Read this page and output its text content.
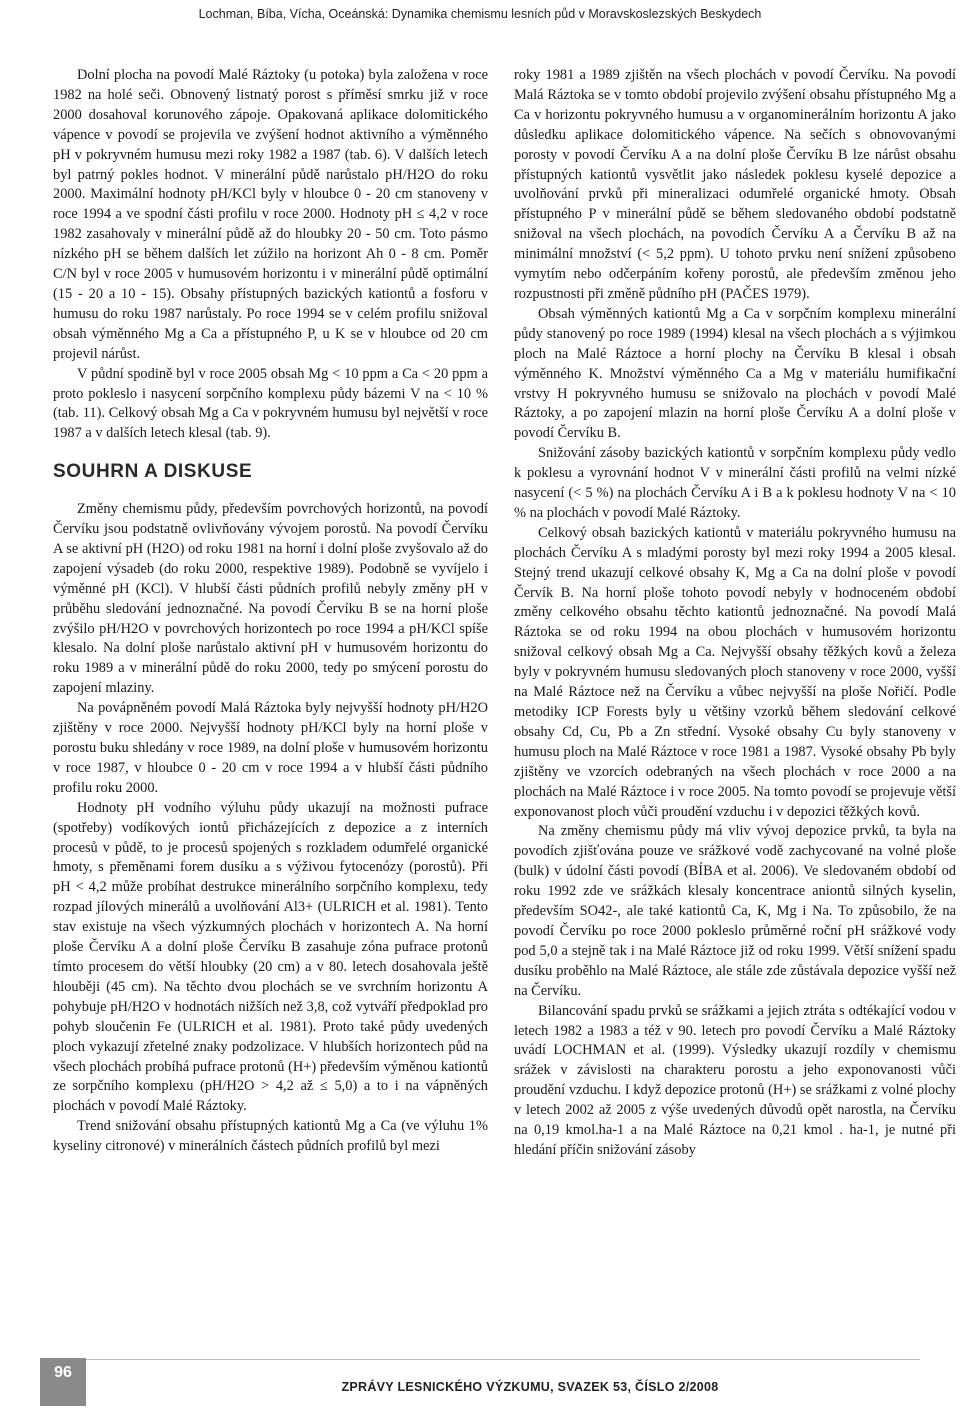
Lochman, Bíba, Vícha, Oceánská: Dynamika chemismu lesních půd v Moravskoslezských Beskydech

Dolní plocha na povodí Malé Ráztoky (u potoka) byla založena v roce 1982 na holé seči. Obnovený listnatý porost s příměsí smrku již v roce 2000 dosahoval korunového zápoje. Opakovaná aplikace dolomitického vápence v povodí se projevila ve zvýšení hodnot aktivního a výměnného pH v pokryvném humusu mezi roky 1982 a 1987 (tab. 6). V dalších letech byl patrný pokles hodnot. V minerální půdě narůstalo pH/H2O do roku 2000. Maximální hodnoty pH/KCl byly v hloubce 0 - 20 cm stanoveny v roce 1994 a ve spodní části profilu v roce 2000. Hodnoty pH ≤ 4,2 v roce 1982 zasahovaly v minerální půdě až do hloubky 20 - 50 cm. Toto pásmo nízkého pH se během dalších let zúžilo na horizont Ah 0 - 8 cm. Poměr C/N byl v roce 2005 v humusovém horizontu i v minerální půdě optimální (15 - 20 a 10 - 15). Obsahy přístupných bazických kationtů a fosforu v humusu do roku 1987 narůstaly. Po roce 1994 se v celém profilu snižoval obsah výměnného Mg a Ca a přístupného P, u K se v hloubce od 20 cm projevil nárůst.

V půdní spodině byl v roce 2005 obsah Mg < 10 ppm a Ca < 20 ppm a proto pokleslo i nasycení sorpčního komplexu půdy bázemi V na < 10 % (tab. 11). Celkový obsah Mg a Ca v pokryvném humusu byl největší v roce 1987 a v dalších letech klesal (tab. 9).

SOUHRN A DISKUSE

Změny chemismu půdy, především povrchových horizontů, na povodí Červíku jsou podstatně ovlivňovány vývojem porostů. Na povodí Červíku A se aktivní pH (H2O) od roku 1981 na horní i dolní ploše zvyšovalo až do zapojení výsadeb (do roku 2000, respektive 1989). Podobně se vyvíjelo i výměnné pH (KCl). V hlubší části půdních profilů nebyly změny pH v průběhu sledování jednoznačné. Na povodí Červíku B se na horní ploše zvýšilo pH/H2O v povrchových horizontech po roce 1994 a pH/KCl spíše klesalo. Na dolní ploše narůstalo aktivní pH v humusovém horizontu do roku 1989 a v minerální půdě do roku 2000, tedy po smýcení porostu do zapojení mlaziny.

Na povápněném povodí Malá Ráztoka byly nejvyšší hodnoty pH/H2O zjištěny v roce 2000. Nejvyšší hodnoty pH/KCl byly na horní ploše v porostu buku shledány v roce 1989, na dolní ploše v humusovém horizontu v roce 1987, v hloubce 0 - 20 cm v roce 1994 a v hlubší části půdního profilu roku 2000.

Hodnoty pH vodního výluhu půdy ukazují na možnosti pufrace (spotřeby) vodíkových iontů přicházejících z depozice a z interních procesů v půdě, to je procesů spojených s rozkladem odumřelé organické hmoty, s přeměnami forem dusíku a s výživou fytocenózy (porostů). Při pH < 4,2 může probíhat destrukce minerálního sorpčního komplexu, tedy rozpad jílových minerálů a uvolňování Al3+ (ULRICH et al. 1981). Tento stav existuje na všech výzkumných plochách v horizontech A. Na horní ploše Červíku A a dolní ploše Červíku B zasahuje zóna pufrace protonů tímto procesem do větší hloubky (20 cm) a v 80. letech dosahovala ještě hlouběji (45 cm). Na těchto dvou plochách se ve svrchním horizontu A pohybuje pH/H2O v hodnotách nižších než 3,8, což vytváří předpoklad pro pohyb sloučenin Fe (ULRICH et al. 1981). Proto také půdy uvedených ploch vykazují zřetelné znaky podzolizace. V hlubších horizontech půd na všech plochách probíhá pufrace protonů (H+) především výměnou kationtů ze sorpčního komplexu (pH/H2O > 4,2 až ≤ 5,0) a to i na vápněných plochách v povodí Malé Ráztoky.

Trend snižování obsahu přístupných kationtů Mg a Ca (ve výluhu 1% kyseliny citronové) v minerálních částech půdních profilů byl mezi

roky 1981 a 1989 zjištěn na všech plochách v povodí Červíku. Na povodí Malá Ráztoka se v tomto období projevilo zvýšení obsahu přístupného Mg a Ca v horizontu pokryvného humusu a v organominerálním horizontu A jako důsledku aplikace dolomitického vápence. Na sečích s obnovovanými porosty v povodí Červíku A a na dolní ploše Červíku B lze nárůst obsahu přístupných kationtů vysvětlit jako následek poklesu kyselé depozice a uvolňování prvků při mineralizaci odumřelé organické hmoty. Obsah přístupného P v minerální půdě se během sledovaného období podstatně snižoval na všech plochách, na povodích Červíku A a Červíku B až na minimální množství (< 5,2 ppm). U tohoto prvku není snížení způsobeno vymytím nebo odčerpáním kořeny porostů, ale především změnou jeho rozpustnosti při změně půdního pH (PAČES 1979).

Obsah výměnných kationtů Mg a Ca v sorpčním komplexu minerální půdy stanovený po roce 1989 (1994) klesal na všech plochách a s výjimkou ploch na Malé Ráztoce a horní plochy na Červíku B klesal i obsah výměnného K. Množství výměnného Ca a Mg v materiálu humifikační vrstvy H pokryvného humusu se snižovalo na plochách v povodí Malé Ráztoky, a po zapojení mlazin na horní ploše Červíku A a dolní ploše v povodí Červíku B.

Snižování zásoby bazických kationtů v sorpčním komplexu půdy vedlo k poklesu a vyrovnání hodnot V v minerální části profilů na velmi nízké nasycení (< 5 %) na plochách Červíku A i B a k poklesu hodnoty V na < 10 % na plochách v povodí Malé Ráztoky.

Celkový obsah bazických kationtů v materiálu pokryvného humusu na plochách Červíku A s mladými porosty byl mezi roky 1994 a 2005 klesal. Stejný trend ukazují celkové obsahy K, Mg a Ca na dolní ploše v povodí Červík B. Na horní ploše tohoto povodí nebyly v hodnoceném období změny celkového obsahu těchto kationtů jednoznačné. Na povodí Malá Ráztoka se od roku 1994 na obou plochách v humusovém horizontu snižoval celkový obsah Mg a Ca. Nejvyšší obsahy těžkých kovů a železa byly v pokryvném humusu sledovaných ploch stanoveny v roce 2000, vyšší na Malé Ráztoce než na Červíku a vůbec nejvyšší na ploše Nořičí. Podle metodiky ICP Forests byly u většiny vzorků během sledování celkové obsahy Cd, Cu, Pb a Zn střední. Vysoké obsahy Cu byly stanoveny v humusu ploch na Malé Ráztoce v roce 1981 a 1987. Vysoké obsahy Pb byly zjištěny ve vzorcích odebraných na všech plochách v roce 2000 a na plochách na Malé Ráztoce i v roce 2005. Na tomto povodí se projevuje větší exponovanost ploch vůči proudění vzduchu i v depozici těžkých kovů.

Na změny chemismu půdy má vliv vývoj depozice prvků, ta byla na povodích zjišťována pouze ve srážkové vodě zachycované na volné ploše (bulk) v údolní části povodí (BÍBA et al. 2006). Ve sledovaném období od roku 1992 zde ve srážkách klesaly koncentrace aniontů silných kyselin, především SO42-, ale také kationtů Ca, K, Mg i Na. To způsobilo, že na povodí Červíku po roce 2000 pokleslo průměrné roční pH srážkové vody pod 5,0 a stejně tak i na Malé Ráztoce již od roku 1999. Větší snížení spadu dusíku proběhlo na Malé Ráztoce, ale stále zde zůstávala depozice vyšší než na Červíku.

Bilancování spadu prvků se srážkami a jejich ztráta s odtékající vodou v letech 1982 a 1983 a též v 90. letech pro povodí Červíku a Malé Ráztoky uvádí LOCHMAN et al. (1999). Výsledky ukazují rozdíly v chemismu srážek v závislosti na charakteru porostu a jeho exponovanosti vůči proudění vzduchu. I když depozice protonů (H+) se srážkami z volné plochy v letech 2002 až 2005 z výše uvedených důvodů opět narostla, na Červíku na 0,19 kmol.ha-1 a na Malé Ráztoce na 0,21 kmol . ha-1, je nutné při hledání příčin snižování zásoby

96
ZPRÁVY LESNICKÉHO VÝZKUMU, SVAZEK 53, ČÍSLO 2/2008
